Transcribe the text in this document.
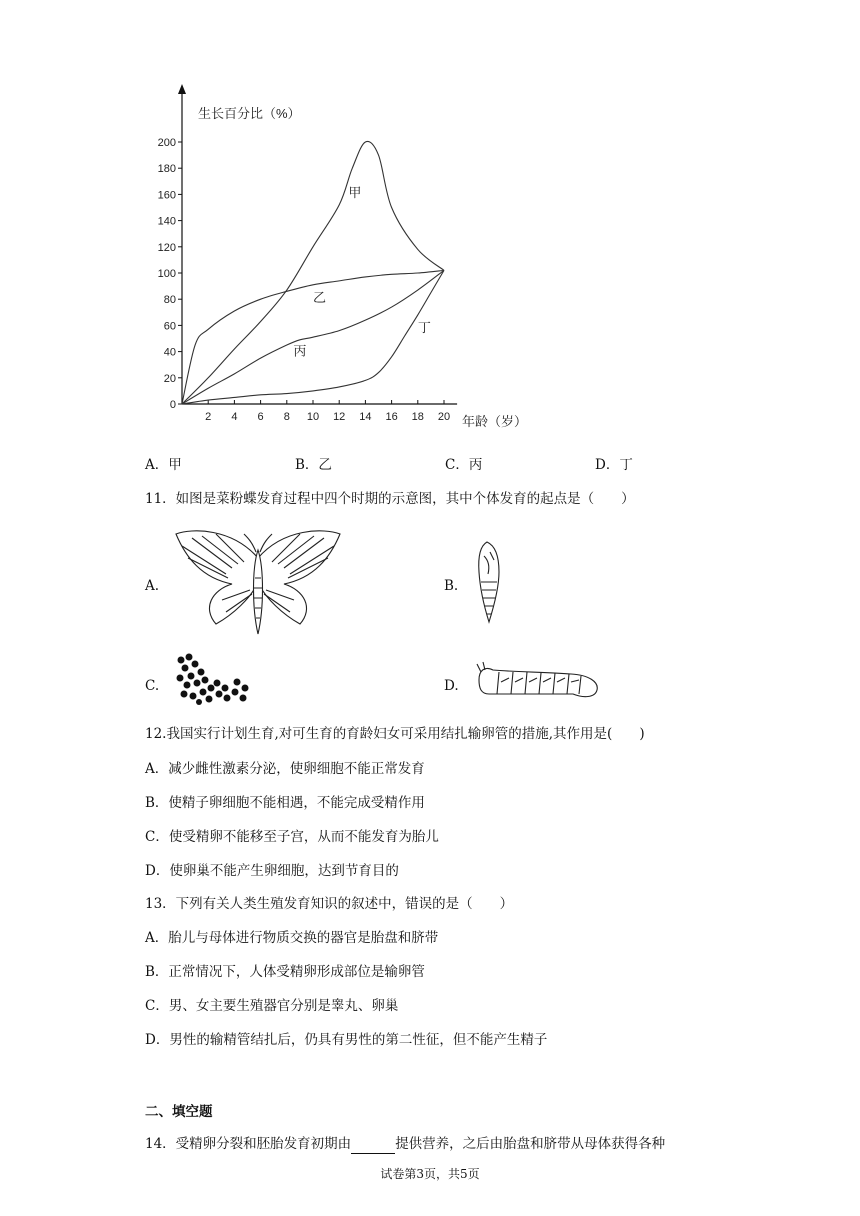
0
20
40
60
80
100
120
140
160
180
200
2 4 6 8 10 12 14 16 18 20
甲
乙
丙
丁
生长百分比（%）
年龄（岁）
A．甲	B．乙	C．丙	D．丁
11．如图是菜粉蝶发育过程中四个时期的示意图，其中个体发育的起点是（　　）
A.	B.
C.	D.
12.我国实行计划生育,对可生育的育龄妇女可采用结扎输卵管的措施,其作用是(　　)
A．减少雌性激素分泌，使卵细胞不能正常发育
B．使精子卵细胞不能相遇，不能完成受精作用
C．使受精卵不能移至子宫，从而不能发育为胎儿
D．使卵巢不能产生卵细胞，达到节育目的
13．下列有关人类生殖发育知识的叙述中，错误的是（　　）
A．胎儿与母体进行物质交换的器官是胎盘和脐带
B．正常情况下，人体受精卵形成部位是输卵管
C．男、女主要生殖器官分别是睾丸、卵巢
D．男性的输精管结扎后，仍具有男性的第二性征，但不能产生精子
二、填空题
14．受精卵分裂和胚胎发育初期由	提供营养，之后由胎盘和脐带从母体获得各种
试卷第3页，共5页
